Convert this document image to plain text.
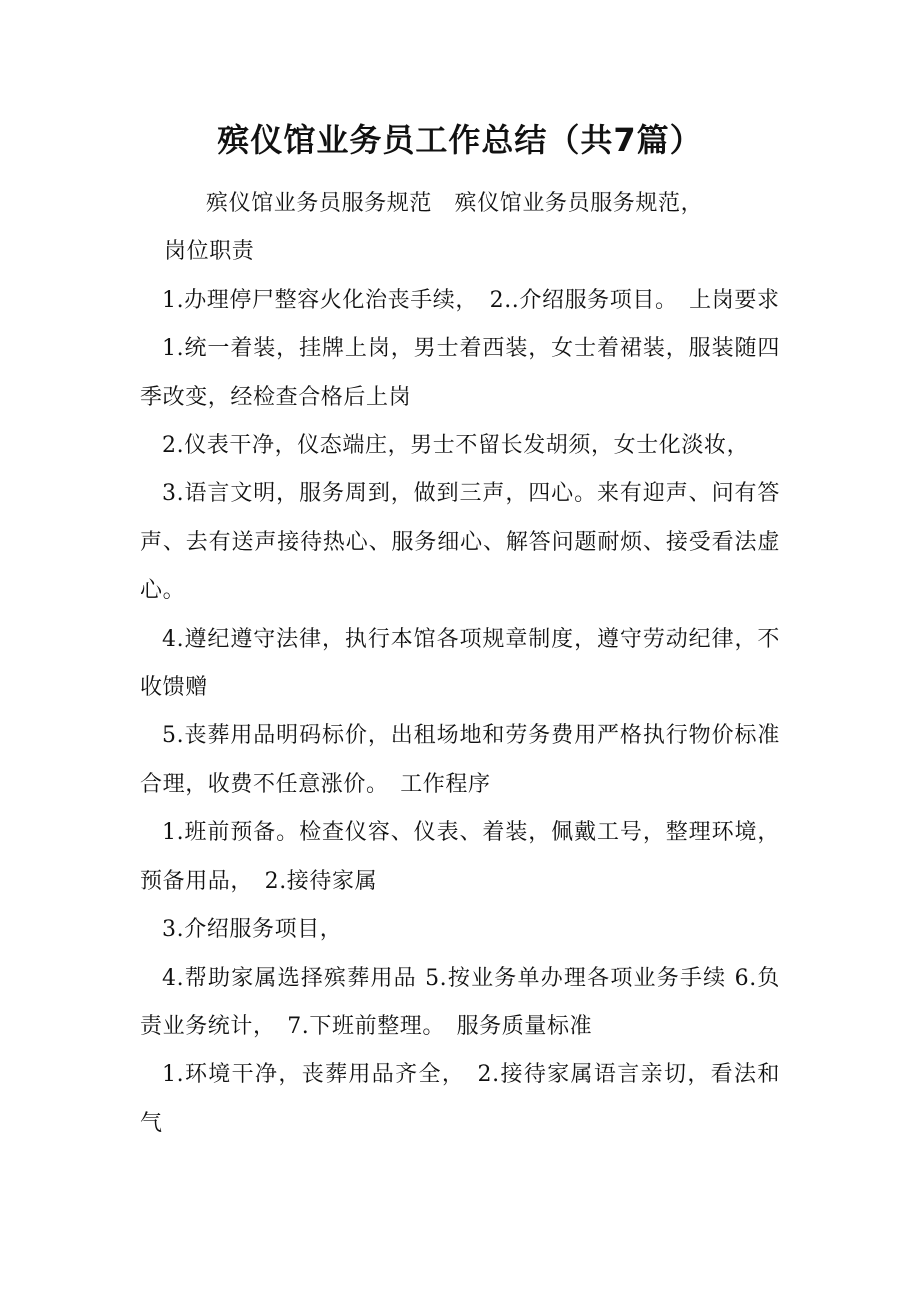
殡仪馆业务员工作总结（共7篇）

殡仪馆业务员服务规范　殡仪馆业务员服务规范，

岗位职责

1.办理停尸整容火化治丧手续，　2..介绍服务项目。　上岗要求

1.统一着装，挂牌上岗，男士着西装，女士着裙装，服装随四季改变，经检查合格后上岗

2.仪表干净，仪态端庄，男士不留长发胡须，女士化淡妆，

3.语言文明，服务周到，做到三声，四心。来有迎声、问有答声、去有送声接待热心、服务细心、解答问题耐烦、接受看法虚心。

4.遵纪遵守法律，执行本馆各项规章制度，遵守劳动纪律，不收馈赠

5.丧葬用品明码标价，出租场地和劳务费用严格执行物价标准合理，收费不任意涨价。　工作程序

1.班前预备。检查仪容、仪表、着装，佩戴工号，整理环境，预备用品，　2.接待家属

3.介绍服务项目，

4.帮助家属选择殡葬用品 5.按业务单办理各项业务手续 6.负责业务统计，　7.下班前整理。　服务质量标准

1.环境干净，丧葬用品齐全，　2.接待家属语言亲切，看法和气
